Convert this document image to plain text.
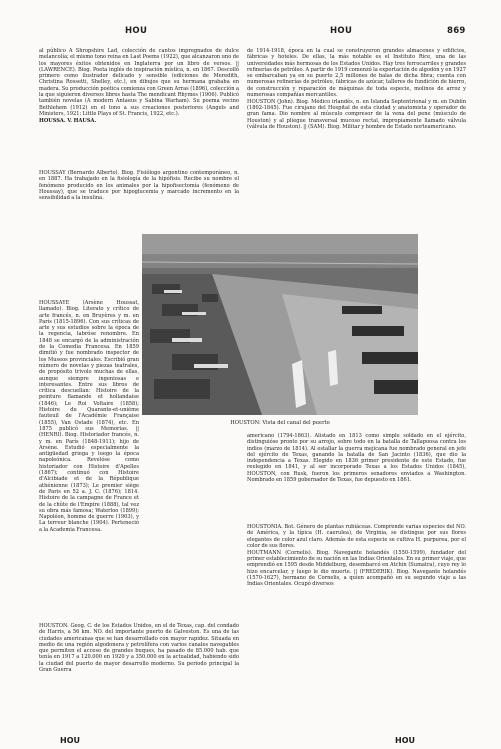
HOU	HOU	869

al público A Shropshire Lad, colección de cantos impregnados de dulce melancolía; el mismo tono reina en Last Poems (1922), que alcanzaron uno de los mayores éxitos obtenidos en Inglaterra por un libro de versos. || (LAWRENCE). Biog. Poeta inglés de inspiración mística, n. en 1867. Descolló primero como ilustrador delicado y sensible (ediciones de Meredith, Christina Rossetti, Shelley, etc.), en dibujos que su hermana grababa en madera. Su producción poética comienza con Green Arras (1896), colección a la que siguieron diversos libros hasta The mendicant Rhymes (1906). Publicó también novelas (A modern Antaeus y Sabina Warham). Su poema vecino Bethlehem (1912) en el tono a sus creaciones posteriores (Angels and Ministers, 1921; Little Plays of St. Francis, 1922, etc.).

HOUSSA. V. HAUSA.

HOUSSAY (Bernardo Alberto). Biog. Fisiólogo argentino contemporáneo, n. en 1887. Ha trabajado en la fisiología de la hipófisis. Recibe su nombre el fenómeno producido en los animales por la hipofisectomía (fenómeno de Houssay), que se traduce por hipoglucemia y marcado incremento en la sensibilidad a la insulina.

de 1914-1918, época en la cual se construyeron grandes almacenes y edificios, fábricas y hoteles. De ellas, la más notable es el Instituto Rice, una de las universidades más hermosas de los Estados Unidos. Hay tres ferrocarriles y grandes refinerías de petróleo. A partir de 1919 comenzó la exportación de algodón y en 1927 se embarcaban ya en su puerto 2,5 millones de balas de dicha fibra; cuenta con numerosas refinerías de petróleo, fábricas de azúcar, talleres de fundición de hierro, de construcción y reparación de máquinas de toda especie, molinos de arroz y numerosas compañías mercantiles.

HOUSTON (John). Biog. Médico irlandés, n. en Islanda Septentrional y m. en Dublín (1802-1845). Fue cirujano del Hospital de esta ciudad y anatomista y operador de gran fama. Dio nombre al músculo compresor de la vena del pene (músculo de Houston) y al pliegue transversal mucoso rectal, impropiamente llamado válvula (válvula de Houston). || (SAM). Biog. Militar y hombre de Estado norteamericano.

HOUSTON: Vista del canal del puerto

HOUSSAYE (Arsène Houssat, llamado). Biog. Literato y crítico de arte francés, n. en Bruyères y m. en París (1815-1896). Con sus críticas de arte y sus estudios sobre la época de la regencia, labróse renombre. En 1848 se encargó de la administración de la Comedia Francesa. En 1859 dimitió y fue nombrado inspector de los Museos provinciales. Escribió gran número de novelas y piezas teatrales, de propósito trivolo muchas de ellas, aunque siempre ingeniosas e interesantes. Entre sus libros de crítica descuellan: Histoire de la peinture flamande et hollandaise (1846); Le Roi Voltaire (1858); Histoire du Quarante-et-unième fauteuil de l'Académie Française (1855), Van Ostade (1874), etc. En 1875 publicó sus Memorias. || (HENRI). Biog. Historiador francés, n. y m. en París (1848-1911); hijo de Arsène. Estudió especialmente la antigüedad griega y luego la época napoleónica. Revelóse como historiador con Histoire d'Apelles (1867); continuó con Histoire d'Alcibiade et de la République athénienne (1873); Le premier siège de Paris en 52 a. J. C. (1876); 1814. Histoire de la campagne de France et de la chûte de l'Empire (1888), tal vez su obra más famosa; Waterloo (1899); Napoléon, homme de guerre (1903), y La terreur blanche (1904). Perteneció a la Academia Francesa.

HOUSTON. Geog. C. de los Estados Unidos, en el de Texas, cap. del condado de Harris, a 56 km. NO. del importante puerto de Galveston. Es una de las ciudades americanas que se han desarrollado con mayor rapidez. Situada en medio de una región algodonera y petrolífera con varios canales navegables que permiten el acceso de grandes buques, ha pasado de 85.000 hab. que tenía en 1917 a 120.000 en 1920 y a 350.000 en la actualidad, habiendo sido la ciudad del puerto de mayor desarrollo moderno. Su periodo principal la Gran Guerra

americano (1794-1863). Alistado en 1813 como simple soldado en el ejército, distinguióse pronto por su arrojo, sobre todo en la batalla de Tallapoosa contra los indios (marzo de 1814). Al estallar la guerra mejicana fue nombrado general en jefe del ejército de Texas, ganando la batalla de San Jacinto (1836), que dio la independencia a Texas. Elegido en 1836 primer presidente de este Estado, fue reelegido en 1841, y al ser incorporado Texas a los Estados Unidos (1845), HOUSTON, con Rusk, fueron los primeros senadores enviados a Washington. Nombrado en 1859 gobernador de Texas, fue depuesto en 1861.

HOUSTONIA. Bot. Género de plantas rubiáceas. Comprende varias especies del NO. de América, y la típica (H. caerulea), de Virginia, se distingue por sus flores elegantes de color azul claro. Además de esta especie se cultiva H. purpurea, por el color de sus flores.

HOUTMANN (Cornelis). Biog. Navegante holandés (1550-1599), fundador del primer establecimiento de su nación en las Indias Orientales. En su primer viaje, que emprendió en 1595 desde Middelburg, desembarcó en Atchin (Sumatra), cuyo rey lo hizo encarcelar, y luego le dio muerte. || (FREDERIK). Biog. Navegante holandés (1570-1627), hermano de Cornelis, a quien acompañó en su segundo viaje a las Indias Orientales. Ocupó diversos

HOU	HOU
